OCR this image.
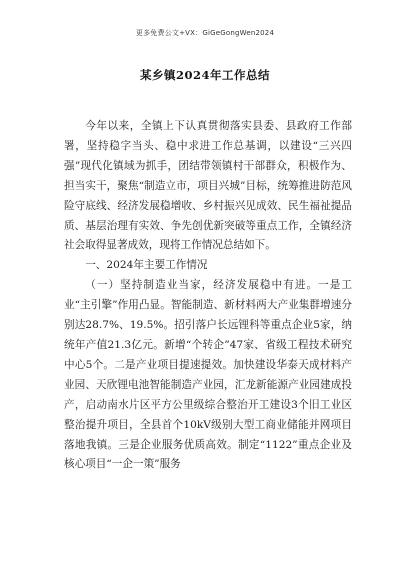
更多免费公文+VX：GiGeGongWen2024
某乡镇2024年工作总结

今年以来，全镇上下认真贯彻落实县委、县政府工作部署，坚持稳字当头、稳中求进工作总基调，以建设“三兴四强”现代化镇域为抓手，团结带领镇村干部群众，积极作为、担当实干，聚焦“制造立市，项目兴城”目标，统筹推进防范风险守底线、经济发展稳增收、乡村振兴见成效、民生福祉提品质、基层治理有实效、争先创优新突破等重点工作，全镇经济社会取得显著成效，现将工作情况总结如下。

一、2024年主要工作情况

（一）坚持制造业当家，经济发展稳中有进。一是工业“主引擎”作用凸显。智能制造、新材料两大产业集群增速分别达28.7%、19.5%。招引落户长远锂科等重点企业5家，纳统年产值21.3亿元。新增“个转企”47家、省级工程技术研究中心5个。二是产业项目提速提效。加快建设华泰天成材料产业园、天欣锂电池智能制造产业园，汇龙新能源产业园建成投产，启动南水片区平方公里级综合整治开工建设3个旧工业区整治提升项目，全县首个10kV级别大型工商业储能并网项目落地我镇。三是企业服务优质高效。制定“1122”重点企业及核心项目“一企一策”服务
